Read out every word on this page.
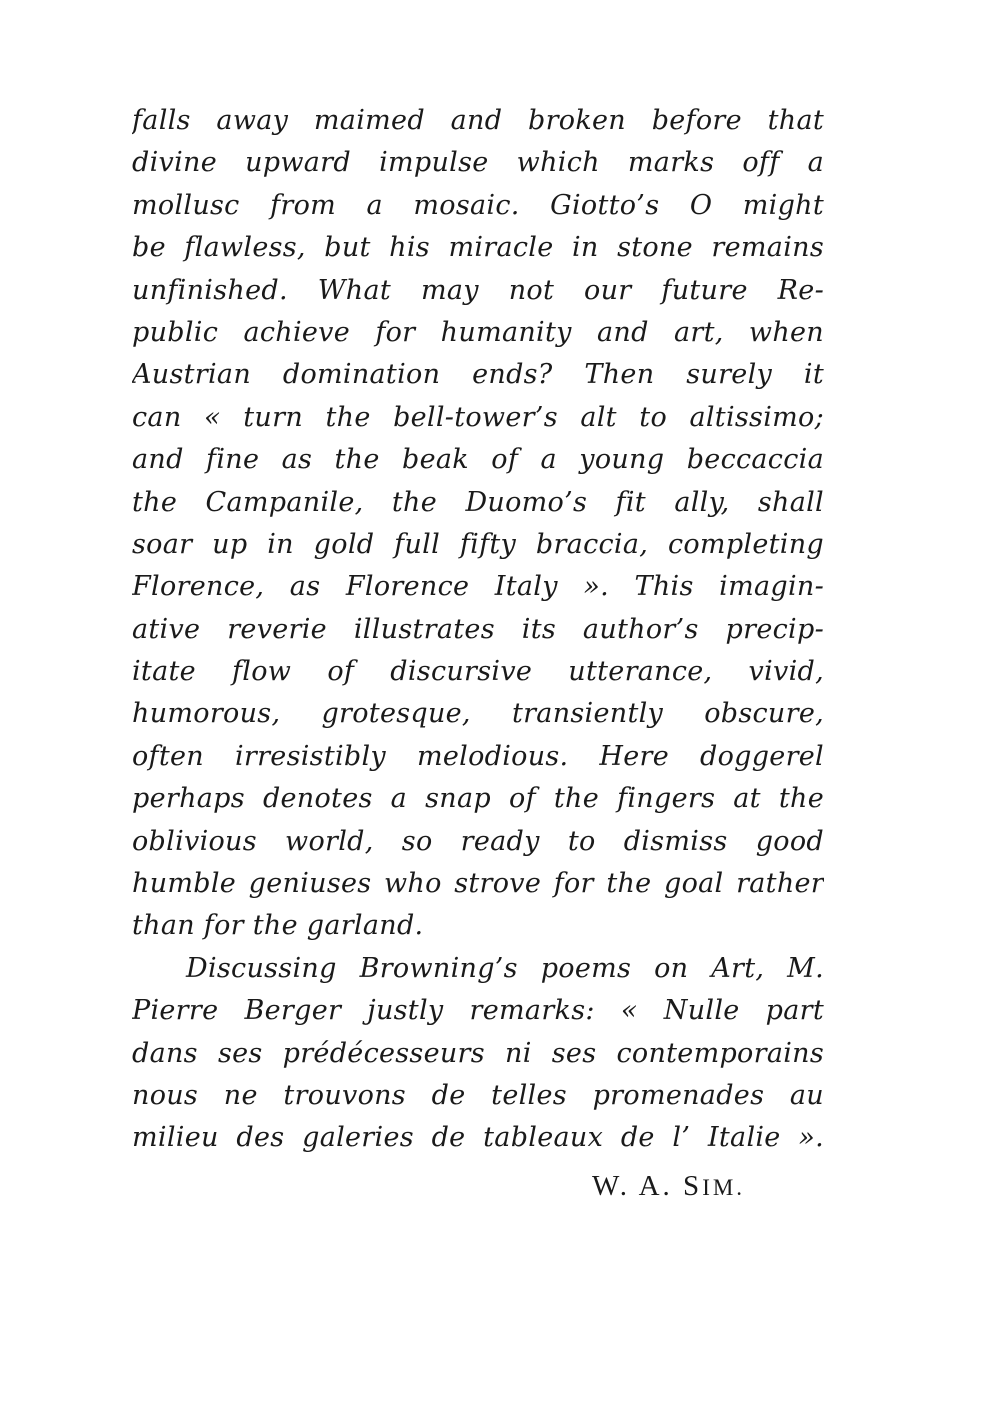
falls away maimed and broken before that
divine upward impulse which marks off a
mollusc from a mosaic. Giotto’s O might
be flawless, but his miracle in stone remains
unfinished. What may not our future Re-
public achieve for humanity and art, when
Austrian domination ends? Then surely it
can « turn the bell-tower’s alt to altissimo;
and fine as the beak of a young beccaccia
the Campanile, the Duomo’s fit ally, shall
soar up in gold full fifty braccia, completing
Florence, as Florence Italy ». This imagin-
ative reverie illustrates its author’s precip-
itate flow of discursive utterance, vivid,
humorous, grotesque, transiently obscure,
often irresistibly melodious. Here doggerel
perhaps denotes a snap of the fingers at the
oblivious world, so ready to dismiss good
humble geniuses who strove for the goal rather
than for the garland.
Discussing Browning’s poems on Art, M.
Pierre Berger justly remarks: « Nulle part
dans ses prédécesseurs ni ses contemporains
nous ne trouvons de telles promenades au
milieu des galeries de tableaux de l’ Italie ».
W. A. SIM.
